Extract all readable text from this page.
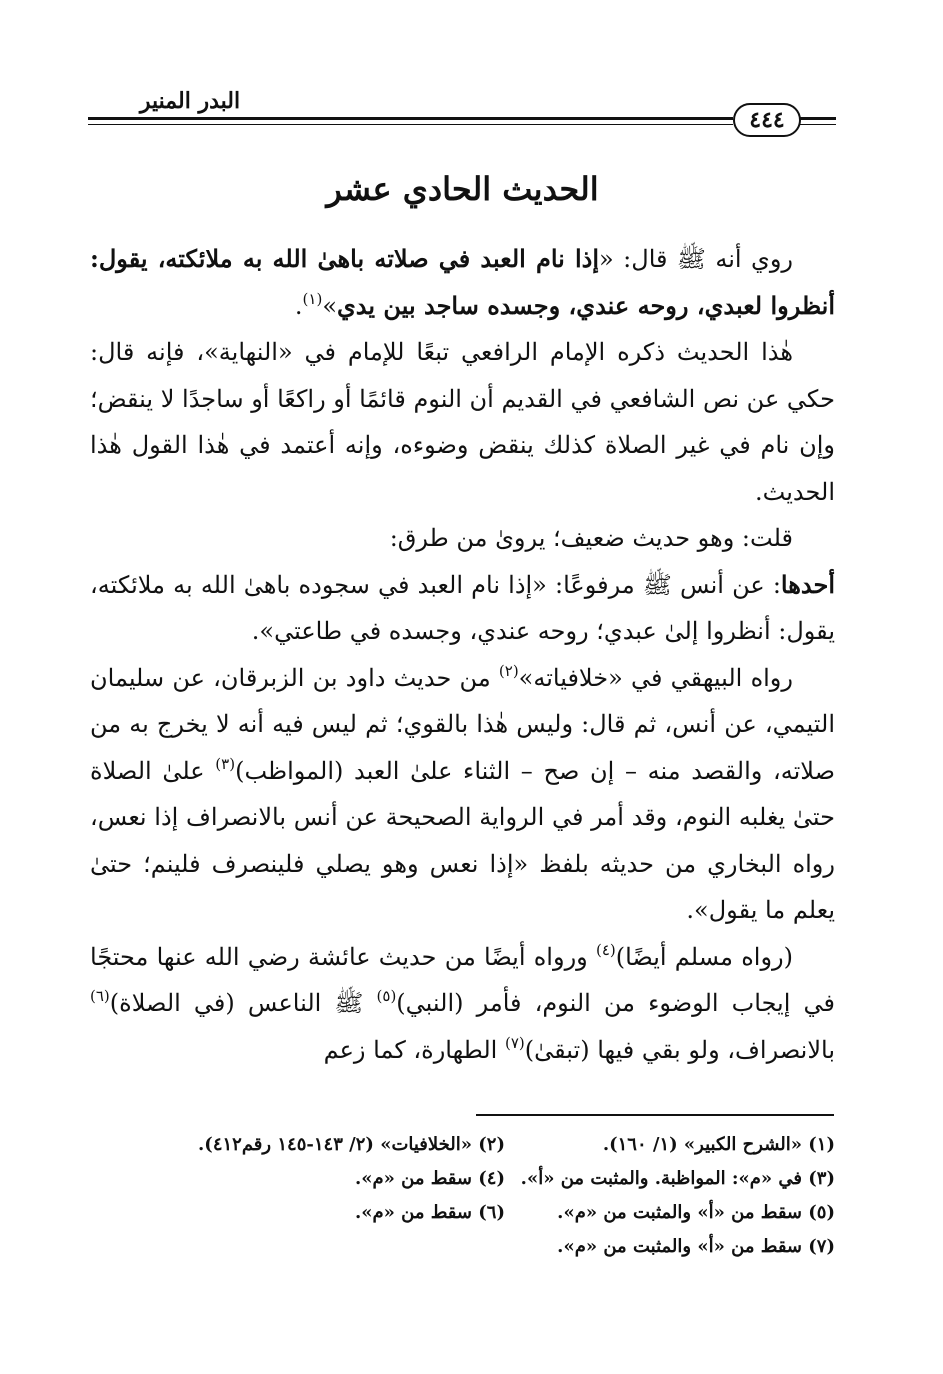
البدر المنير
٤٤٤
الحديث الحادي عشر

روي أنه ﷺ قال: «إذا نام العبد في صلاته باهىٰ الله به ملائكته، يقول: أنظروا لعبدي، روحه عندي، وجسده ساجد بين يدي»$^{(١)}$.

هٰذا الحديث ذكره الإمام الرافعي تبعًا للإمام في «النهاية»، فإنه قال: حكي عن نص الشافعي في القديم أن النوم قائمًا أو راكعًا أو ساجدًا لا ينقض؛ وإن نام في غير الصلاة كذلك ينقض وضوءه، وإنه أعتمد في هٰذا القول هٰذا الحديث.

قلت: وهو حديث ضعيف؛ يروىٰ من طرق:

أحدها: عن أنس ﷺ مرفوعًا: «إذا نام العبد في سجوده باهىٰ الله به ملائكته، يقول: أنظروا إلىٰ عبدي؛ روحه عندي، وجسده في طاعتي».

رواه البيهقي في «خلافياته»$^{(٢)}$ من حديث داود بن الزبرقان، عن سليمان التيمي، عن أنس، ثم قال: وليس هٰذا بالقوي؛ ثم ليس فيه أنه لا يخرج به من صلاته، والقصد منه – إن صح – الثناء علىٰ العبد (المواظب)$^{(٣)}$ علىٰ الصلاة حتىٰ يغلبه النوم، وقد أمر في الرواية الصحيحة عن أنس بالانصراف إذا نعس، رواه البخاري من حديثه بلفظ «إذا نعس وهو يصلي فلينصرف فلينم؛ حتىٰ يعلم ما يقول».

(رواه مسلم أيضًا)$^{(٤)}$ ورواه أيضًا من حديث عائشة رضي الله عنها محتجًا في إيجاب الوضوء من النوم، فأمر (النبي)$^{(٥)}$ ﷺ الناعس (في الصلاة)$^{(٦)}$ بالانصراف، ولو بقي فيها (تبقىٰ)$^{(٧)}$ الطهارة، كما زعم

(١) «الشرح الكبير» (١/ ١٦٠).
(٢) «الخلافيات» (٢/ ١٤٣-١٤٥ رقم٤١٢).
(٣) في «م»: المواظبة. والمثبت من «أ».
(٤) سقط من «م».
(٥) سقط من «أ» والمثبت من «م».
(٦) سقط من «م».
(٧) سقط من «أ» والمثبت من «م».
